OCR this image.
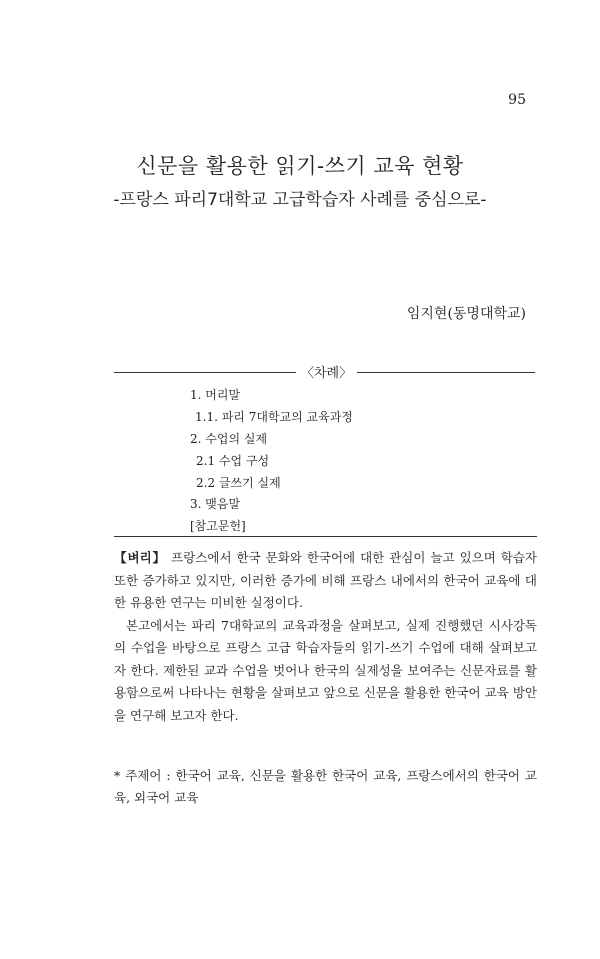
95
신문을 활용한 읽기-쓰기 교육 현황
-프랑스 파리7대학교 고급학습자 사례를 중심으로-
임지현(동명대학교)
〈차례〉
1. 머리말
1.1. 파리 7대학교의 교육과정
2. 수업의 실제
2.1 수업 구성
2.2 글쓰기 실제
3. 맺음말
[참고문헌]

【벼리】 프랑스에서 한국 문화와 한국어에 대한 관심이 늘고 있으며 학습자 또한 증가하고 있지만, 이러한 증가에 비해 프랑스 내에서의 한국어 교육에 대한 유용한 연구는 미비한 실정이다.

본고에서는 파리 7대학교의 교육과정을 살펴보고, 실제 진행했던 시사강독의 수업을 바탕으로 프랑스 고급 학습자들의 읽기-쓰기 수업에 대해 살펴보고자 한다. 제한된 교과 수업을 벗어나 한국의 실제성을 보여주는 신문자료를 활용함으로써 나타나는 현황을 살펴보고 앞으로 신문을 활용한 한국어 교육 방안을 연구해 보고자 한다.

* 주제어 : 한국어 교육, 신문을 활용한 한국어 교육, 프랑스에서의 한국어 교육, 외국어 교육
